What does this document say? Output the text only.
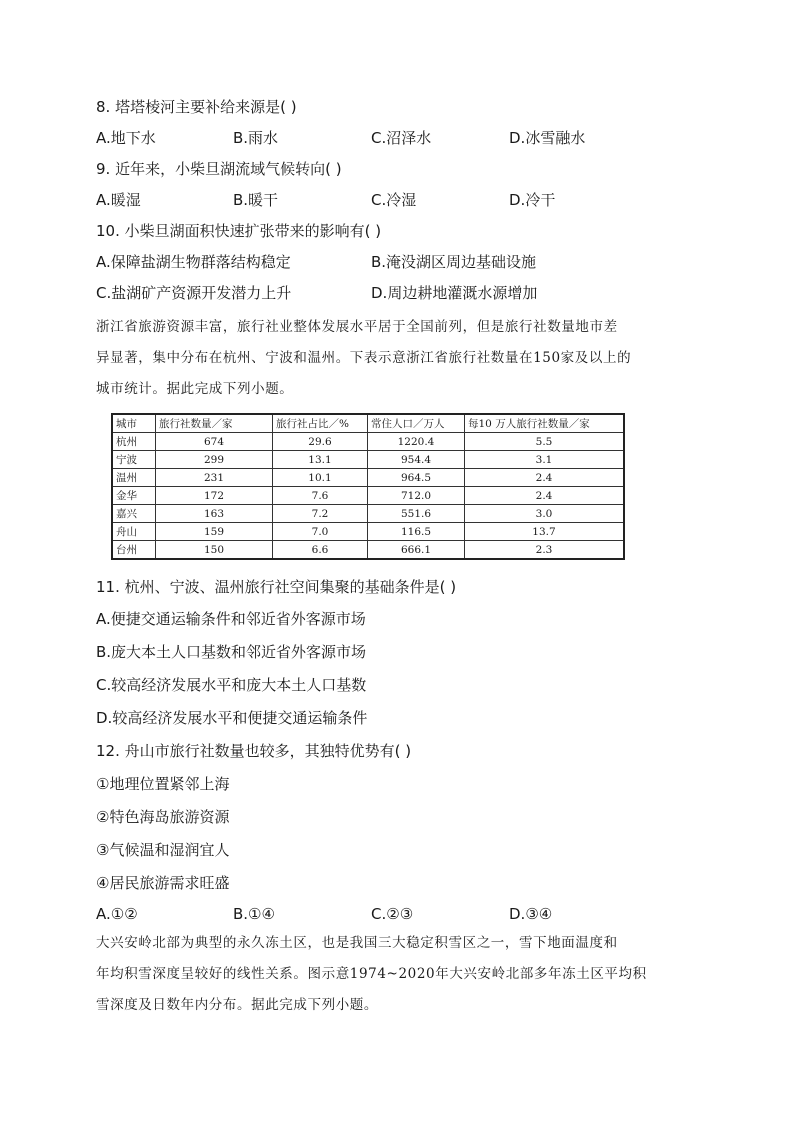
8. 塔塔棱河主要补给来源是( )
A.地下水	B.雨水	C.沼泽水	D.冰雪融水
9. 近年来，小柴旦湖流域气候转向( )
A.暖湿	B.暖干	C.冷湿	D.冷干
10. 小柴旦湖面积快速扩张带来的影响有( )
A.保障盐湖生物群落结构稳定	B.淹没湖区周边基础设施
C.盐湖矿产资源开发潜力上升	D.周边耕地灌溉水源增加
浙江省旅游资源丰富，旅行社业整体发展水平居于全国前列，但是旅行社数量地市差
异显著，集中分布在杭州、宁波和温州。下表示意浙江省旅行社数量在150家及以上的
城市统计。据此完成下列小题。
城市	旅行社数量／家	旅行社占比／%	常住人口／万人	每10 万人旅行社数量／家
杭州	674	29.6	1220.4	5.5
宁波	299	13.1	954.4	3.1
温州	231	10.1	964.5	2.4
金华	172	7.6	712.0	2.4
嘉兴	163	7.2	551.6	3.0
舟山	159	7.0	116.5	13.7
台州	150	6.6	666.1	2.3
11. 杭州、宁波、温州旅行社空间集聚的基础条件是( )
A.便捷交通运输条件和邻近省外客源市场
B.庞大本土人口基数和邻近省外客源市场
C.较高经济发展水平和庞大本土人口基数
D.较高经济发展水平和便捷交通运输条件
12. 舟山市旅行社数量也较多，其独特优势有( )
①地理位置紧邻上海
②特色海岛旅游资源
③气候温和湿润宜人
④居民旅游需求旺盛
A.①②	B.①④	C.②③	D.③④
大兴安岭北部为典型的永久冻土区，也是我国三大稳定积雪区之一，雪下地面温度和
年均积雪深度呈较好的线性关系。图示意1974~2020年大兴安岭北部多年冻土区平均积
雪深度及日数年内分布。据此完成下列小题。
